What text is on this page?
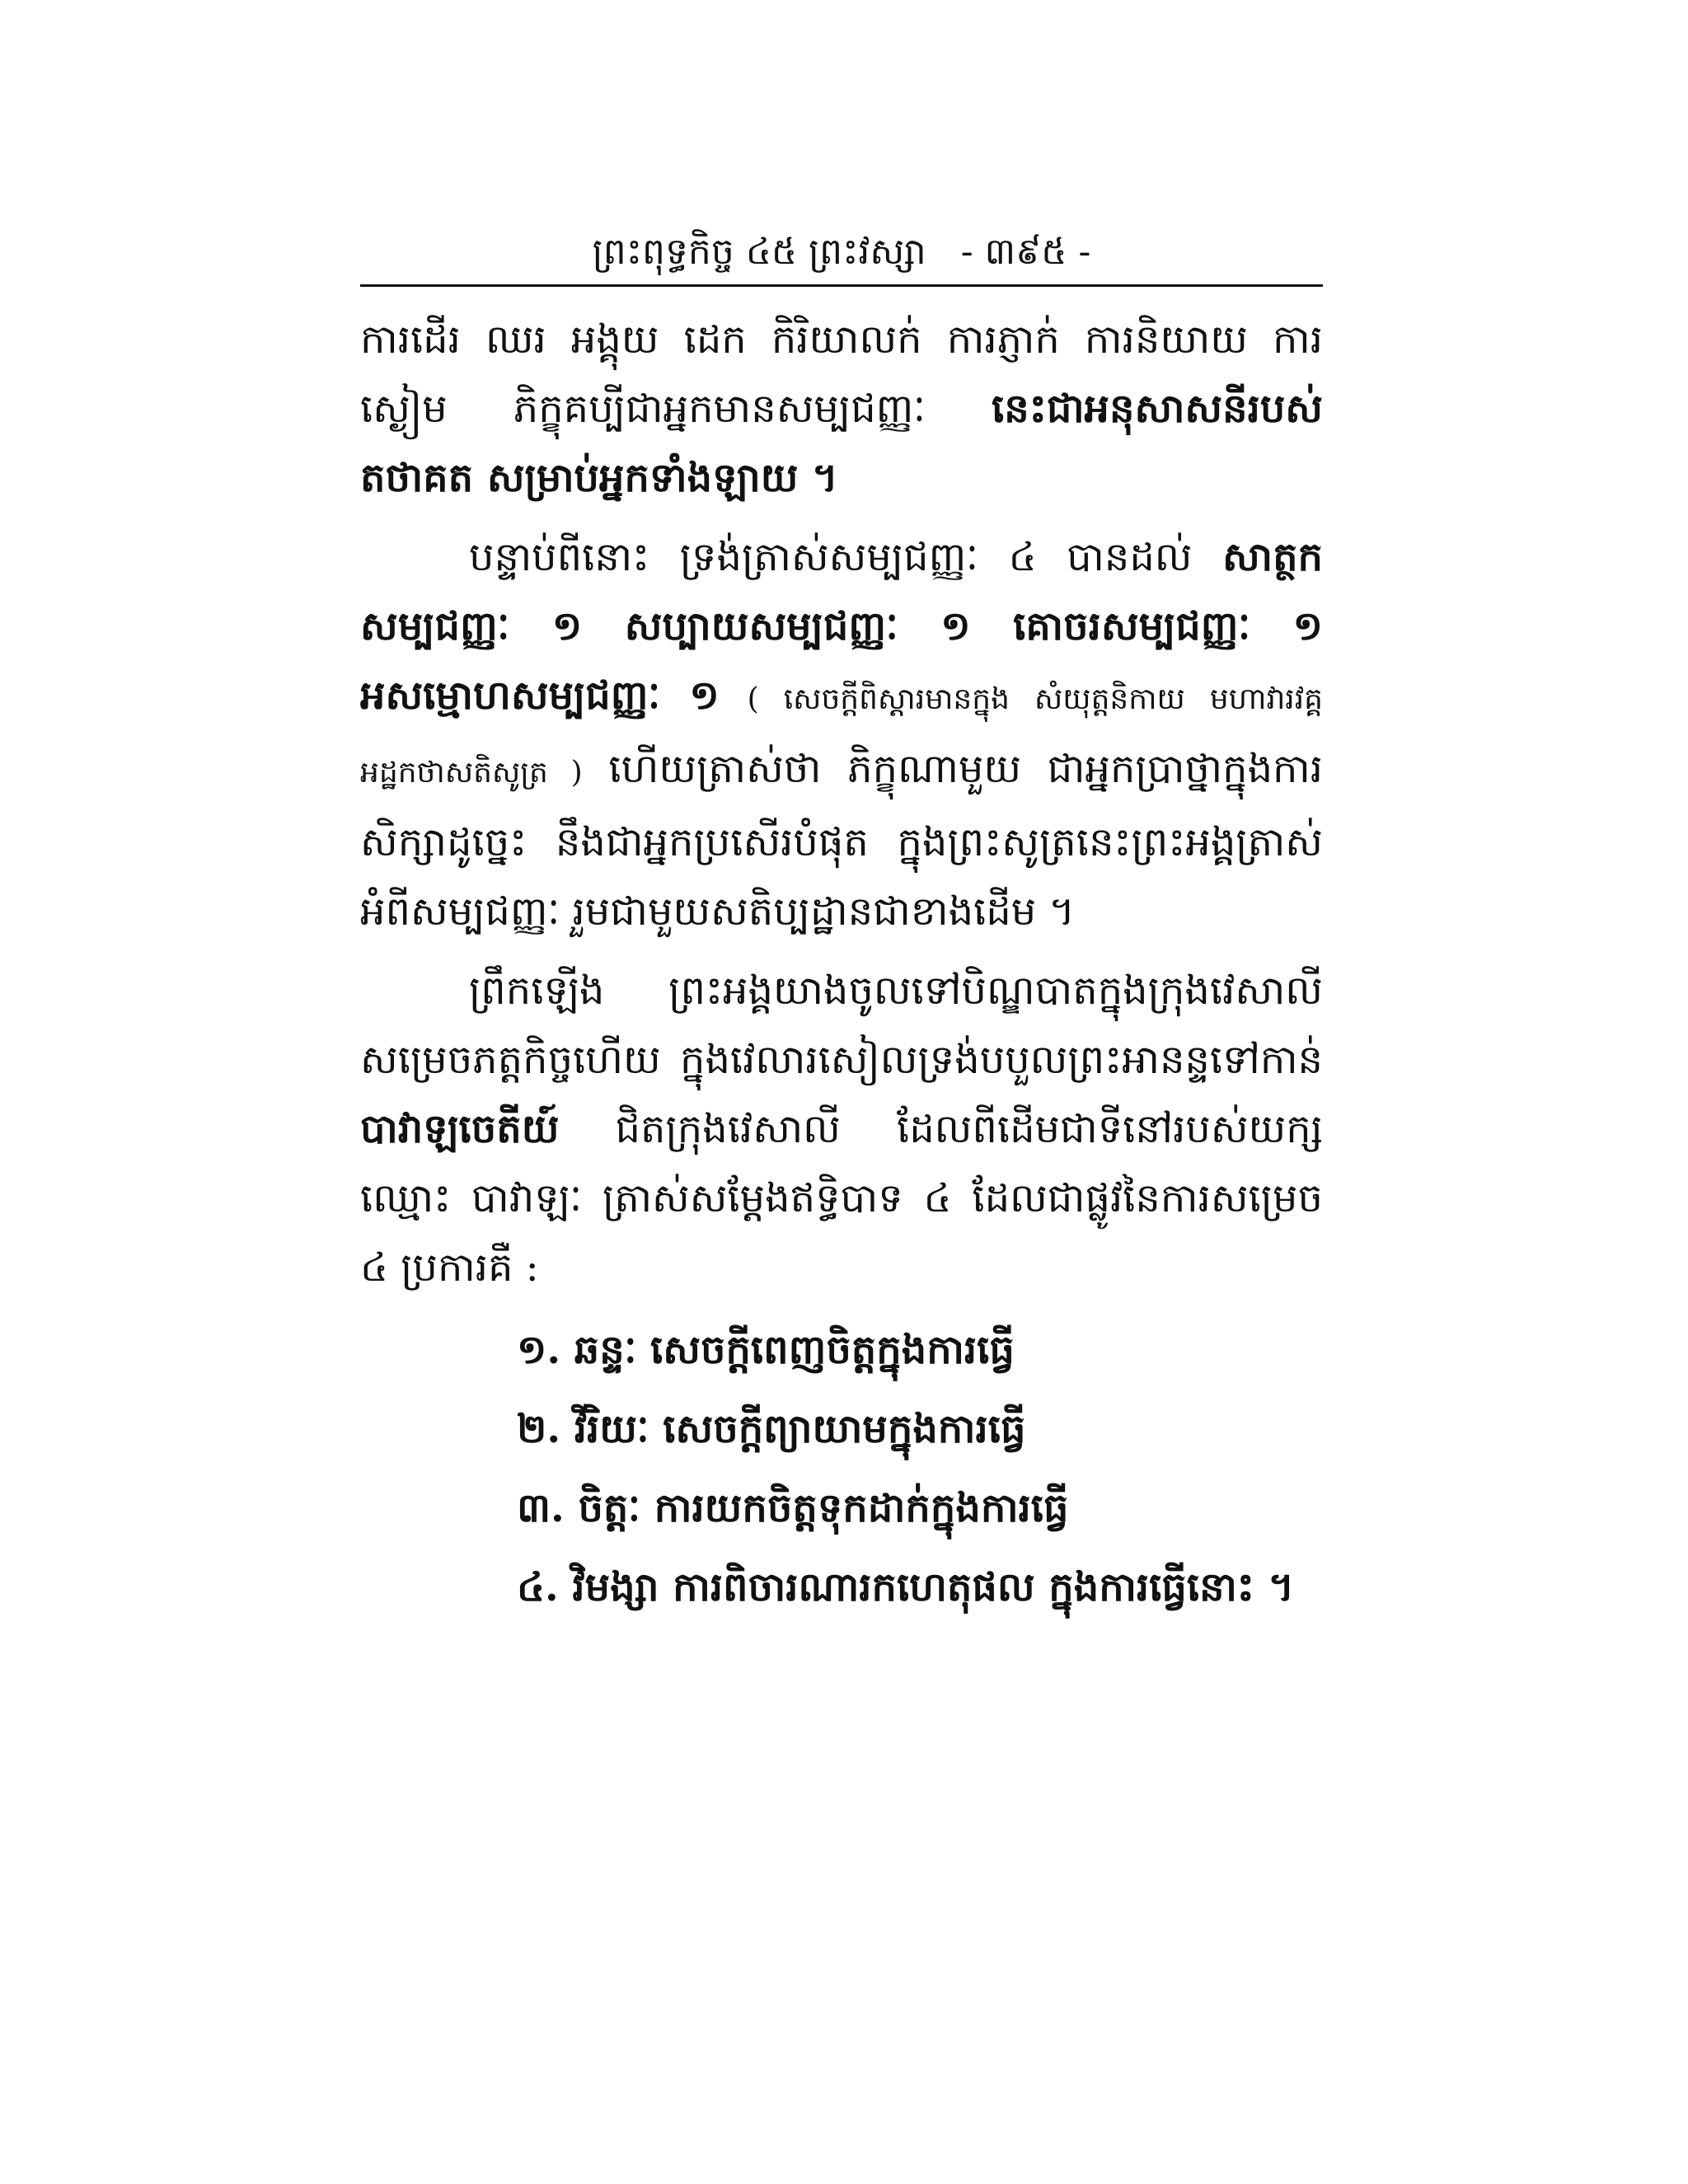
ព្រះពុទ្ធកិច្ច ៤៥ ព្រះវស្សា - ៣៩៥ -

ការដើរ ឈរ អង្គុយ ដេក កិរិយាលក់ ការភ្ញាក់ ការនិយាយ ការស្ងៀម ភិក្ខុគប្បីជាអ្នកមានសម្បជញ្ញៈ នេះជាអនុសាសនីរបស់តថាគត សម្រាប់អ្នកទាំងឡាយ ។

បន្ទាប់ពីនោះ ទ្រង់ត្រាស់សម្បជញ្ញៈ ៤ បានដល់ សាត្ថកសម្បជញ្ញៈ ១ សប្បាយសម្បជញ្ញៈ ១ គោចរសម្បជញ្ញៈ ១ អសម្មោហសម្បជញ្ញៈ ១ ( សេចក្តីពិស្តារមានក្នុង សំយុត្តនិកាយ មហាវារវគ្គ អដ្ឋកថាសតិសូត្រ ) ហើយត្រាស់ថា ភិក្ខុណាមួយ ជាអ្នកប្រាថ្នាក្នុងការសិក្សាដូច្នេះ នឹងជាអ្នកប្រសើរបំផុត ក្នុងព្រះសូត្រនេះព្រះអង្គត្រាស់អំពីសម្បជញ្ញៈ រួមជាមួយសតិប្បដ្ឋានជាខាងដើម ។

ព្រឹកឡើង ព្រះអង្គយាងចូលទៅបិណ្ឌបាតក្នុងក្រុងវេសាលី សម្រេចភត្តកិច្ចហើយ ក្នុងវេលារសៀលទ្រង់បបួលព្រះអានន្ទទៅកាន់ បាវាឡចេតីយ៍ ជិតក្រុងវេសាលី ដែលពីដើមជាទីនៅរបស់យក្សឈ្មោះ បាវាឡៈ ត្រាស់សម្តែងឥទ្ធិបាទ ៤ ដែលជាផ្លូវនៃការសម្រេច ៤ ប្រការគឺ :

១. ឆន្ទៈ សេចក្តីពេញចិត្តក្នុងការធ្វើ
២. វីរិយៈ សេចក្តីព្យាយាមក្នុងការធ្វើ
៣. ចិត្តៈ ការយកចិត្តទុកដាក់ក្នុងការធ្វើ
៤. វិមង្សា ការពិចារណារកហេតុផល ក្នុងការធ្វើនោះ ។
